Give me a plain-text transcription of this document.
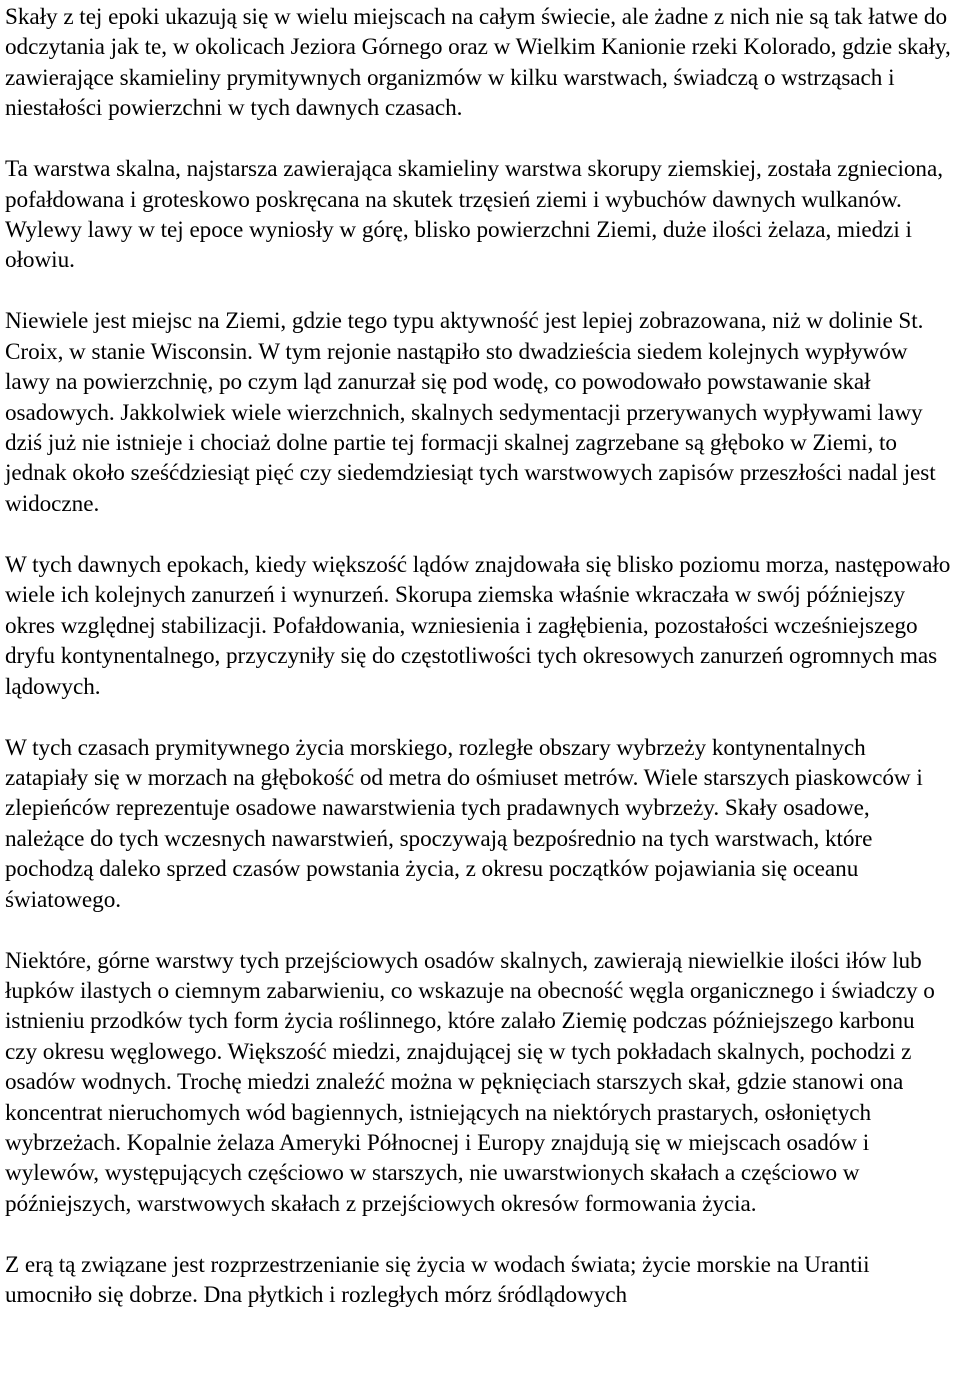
Skały z tej epoki ukazują się w wielu miejscach na całym świecie, ale żadne z nich nie są tak łatwe do odczytania jak te, w okolicach Jeziora Górnego oraz w Wielkim Kanionie rzeki Kolorado, gdzie skały, zawierające skamieliny prymitywnych organizmów w kilku warstwach, świadczą o wstrząsach i niestałości powierzchni w tych dawnych czasach.

Ta warstwa skalna, najstarsza zawierająca skamieliny warstwa skorupy ziemskiej, została zgnieciona, pofałdowana i groteskowo poskręcana na skutek trzęsień ziemi i wybuchów dawnych wulkanów. Wylewy lawy w tej epoce wyniosły w górę, blisko powierzchni Ziemi, duże ilości żelaza, miedzi i ołowiu.

Niewiele jest miejsc na Ziemi, gdzie tego typu aktywność jest lepiej zobrazowana, niż w dolinie St. Croix, w stanie Wisconsin. W tym rejonie nastąpiło sto dwadzieścia siedem kolejnych wypływów lawy na powierzchnię, po czym ląd zanurzał się pod wodę, co powodowało powstawanie skał osadowych. Jakkolwiek wiele wierzchnich, skalnych sedymentacji przerywanych wypływami lawy dziś już nie istnieje i chociaż dolne partie tej formacji skalnej zagrzebane są głęboko w Ziemi, to jednak około sześćdziesiąt pięć czy siedemdziesiąt tych warstwowych zapisów przeszłości nadal jest widoczne.

W tych dawnych epokach, kiedy większość lądów znajdowała się blisko poziomu morza, następowało wiele ich kolejnych zanurzeń i wynurzeń. Skorupa ziemska właśnie wkraczała w swój późniejszy okres względnej stabilizacji. Pofałdowania, wzniesienia i zagłębienia, pozostałości wcześniejszego dryfu kontynentalnego, przyczyniły się do częstotliwości tych okresowych zanurzeń ogromnych mas lądowych.

W tych czasach prymitywnego życia morskiego, rozległe obszary wybrzeży kontynentalnych zatapiały się w morzach na głębokość od metra do ośmiuset metrów. Wiele starszych piaskowców i zlepieńców reprezentuje osadowe nawarstwienia tych pradawnych wybrzeży. Skały osadowe, należące do tych wczesnych nawarstwień, spoczywają bezpośrednio na tych warstwach, które pochodzą daleko sprzed czasów powstania życia, z okresu początków pojawiania się oceanu światowego.

Niektóre, górne warstwy tych przejściowych osadów skalnych, zawierają niewielkie ilości iłów lub łupków ilastych o ciemnym zabarwieniu, co wskazuje na obecność węgla organicznego i świadczy o istnieniu przodków tych form życia roślinnego, które zalało Ziemię podczas późniejszego karbonu czy okresu węglowego. Większość miedzi, znajdującej się w tych pokładach skalnych, pochodzi z osadów wodnych. Trochę miedzi znaleźć można w pęknięciach starszych skał, gdzie stanowi ona koncentrat nieruchomych wód bagiennych, istniejących na niektórych prastarych, osłoniętych wybrzeżach. Kopalnie żelaza Ameryki Północnej i Europy znajdują się w miejscach osadów i wylewów, występujących częściowo w starszych, nie uwarstwionych skałach a częściowo w późniejszych, warstwowych skałach z przejściowych okresów formowania życia.

Z erą tą związane jest rozprzestrzenianie się życia w wodach świata; życie morskie na Urantii umocniło się dobrze. Dna płytkich i rozległych mórz śródlądowych
